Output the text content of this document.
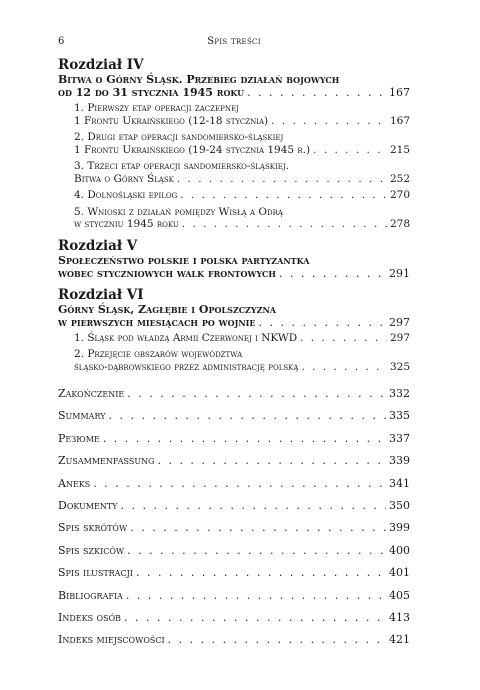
6	Spis treści
Rozdział IV
Bitwa o Górny Śląsk. Przebieg działań bojowych
od 12 do 31 stycznia 1945 roku . . .	167
1. Pierwszy etap operacji zaczepnej
1 Frontu Ukraińskiego (12-18 stycznia) . . .	167
2. Drugi etap operacji sandomiersko-śląskiej
1 Frontu Ukraińskiego (19-24 stycznia 1945 r.) . . .	215
3. Trzeci etap operacji sandomiersko-śląskiej.
Bitwa o Górny Śląsk . . .	252
4. Dolnośląski epilog . . .	270
5. Wnioski z działań pomiędzy Wisłą a Odrą
w styczniu 1945 roku . . .	278
Rozdział V
Społeczeństwo polskie i polska partyzantka
wobec styczniowych walk frontowych . . .	291
Rozdział VI
Górny Śląsk, Zagłębie i Opolszczyzna
w pierwszych miesiącach po wojnie . . .	297
1. Śląsk pod władzą Armii Czerwonej i NKWD . . .	297
2. Przejęcie obszarów województwa
śląsko-dąbrowskiego przez administrację polską . . .	325
Zakończenie . . .	332
Summary . . .	335
Резюме . . .	337
Zusammenfassung . . .	339
Aneks . . .	341
Dokumenty . . .	350
Spis skrótów . . .	399
Spis szkiców . . .	400
Spis ilustracji . . .	401
Bibliografia . . .	405
Indeks osób . . .	413
Indeks miejscowości . . .	421
